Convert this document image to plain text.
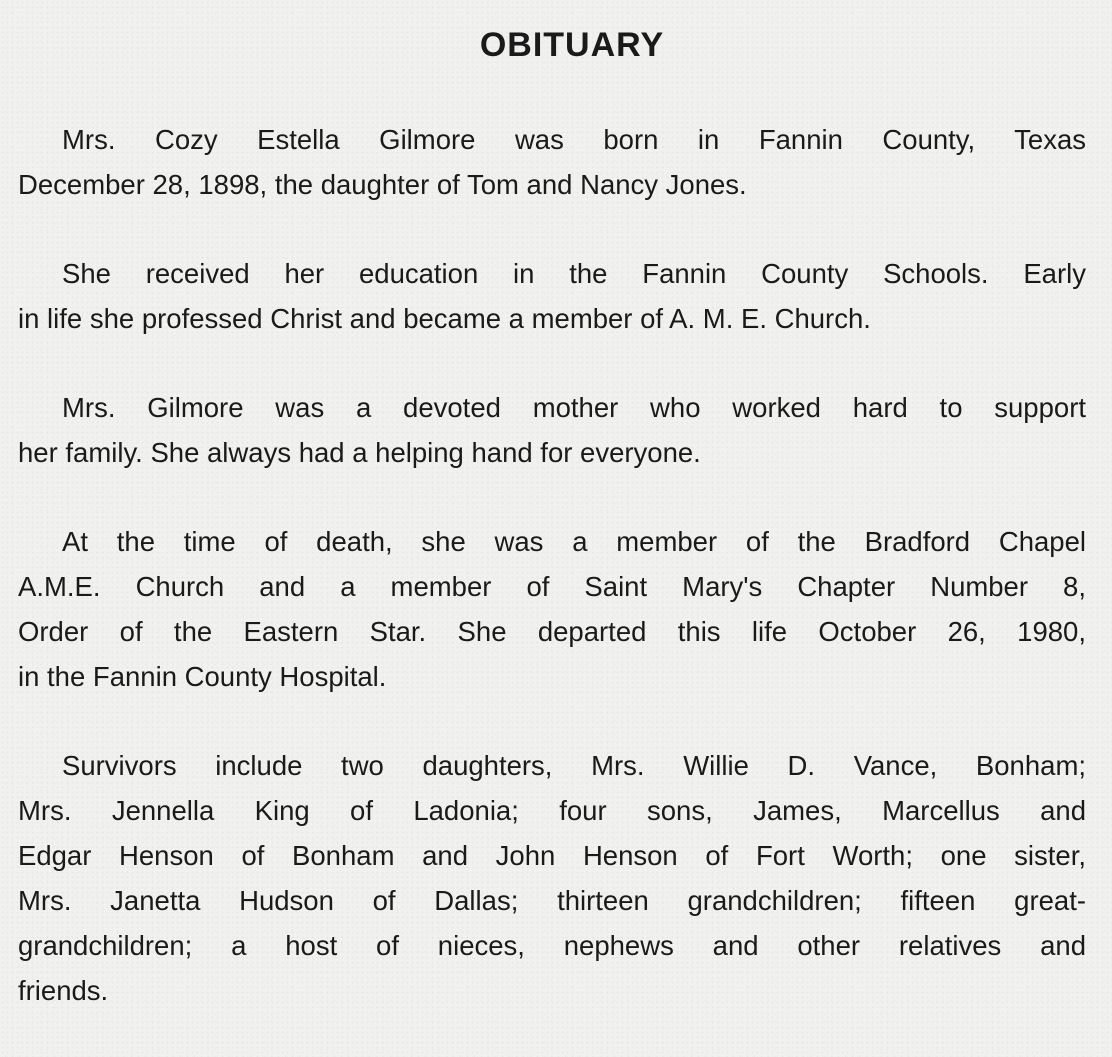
OBITUARY
Mrs. Cozy Estella Gilmore was born in Fannin County, Texas
December 28, 1898, the daughter of Tom and Nancy Jones.
She received her education in the Fannin County Schools. Early
in life she professed Christ and became a member of A. M. E. Church.
Mrs. Gilmore was a devoted mother who worked hard to support
her family. She always had a helping hand for everyone.
At the time of death, she was a member of the Bradford Chapel
A.M.E. Church and a member of Saint Mary's Chapter Number 8,
Order of the Eastern Star. She departed this life October 26, 1980,
in the Fannin County Hospital.
Survivors include two daughters, Mrs. Willie D. Vance, Bonham;
Mrs. Jennella King of Ladonia; four sons, James, Marcellus and
Edgar Henson of Bonham and John Henson of Fort Worth; one sister,
Mrs. Janetta Hudson of Dallas; thirteen grandchildren; fifteen great-
grandchildren; a host of nieces, nephews and other relatives and
friends.
